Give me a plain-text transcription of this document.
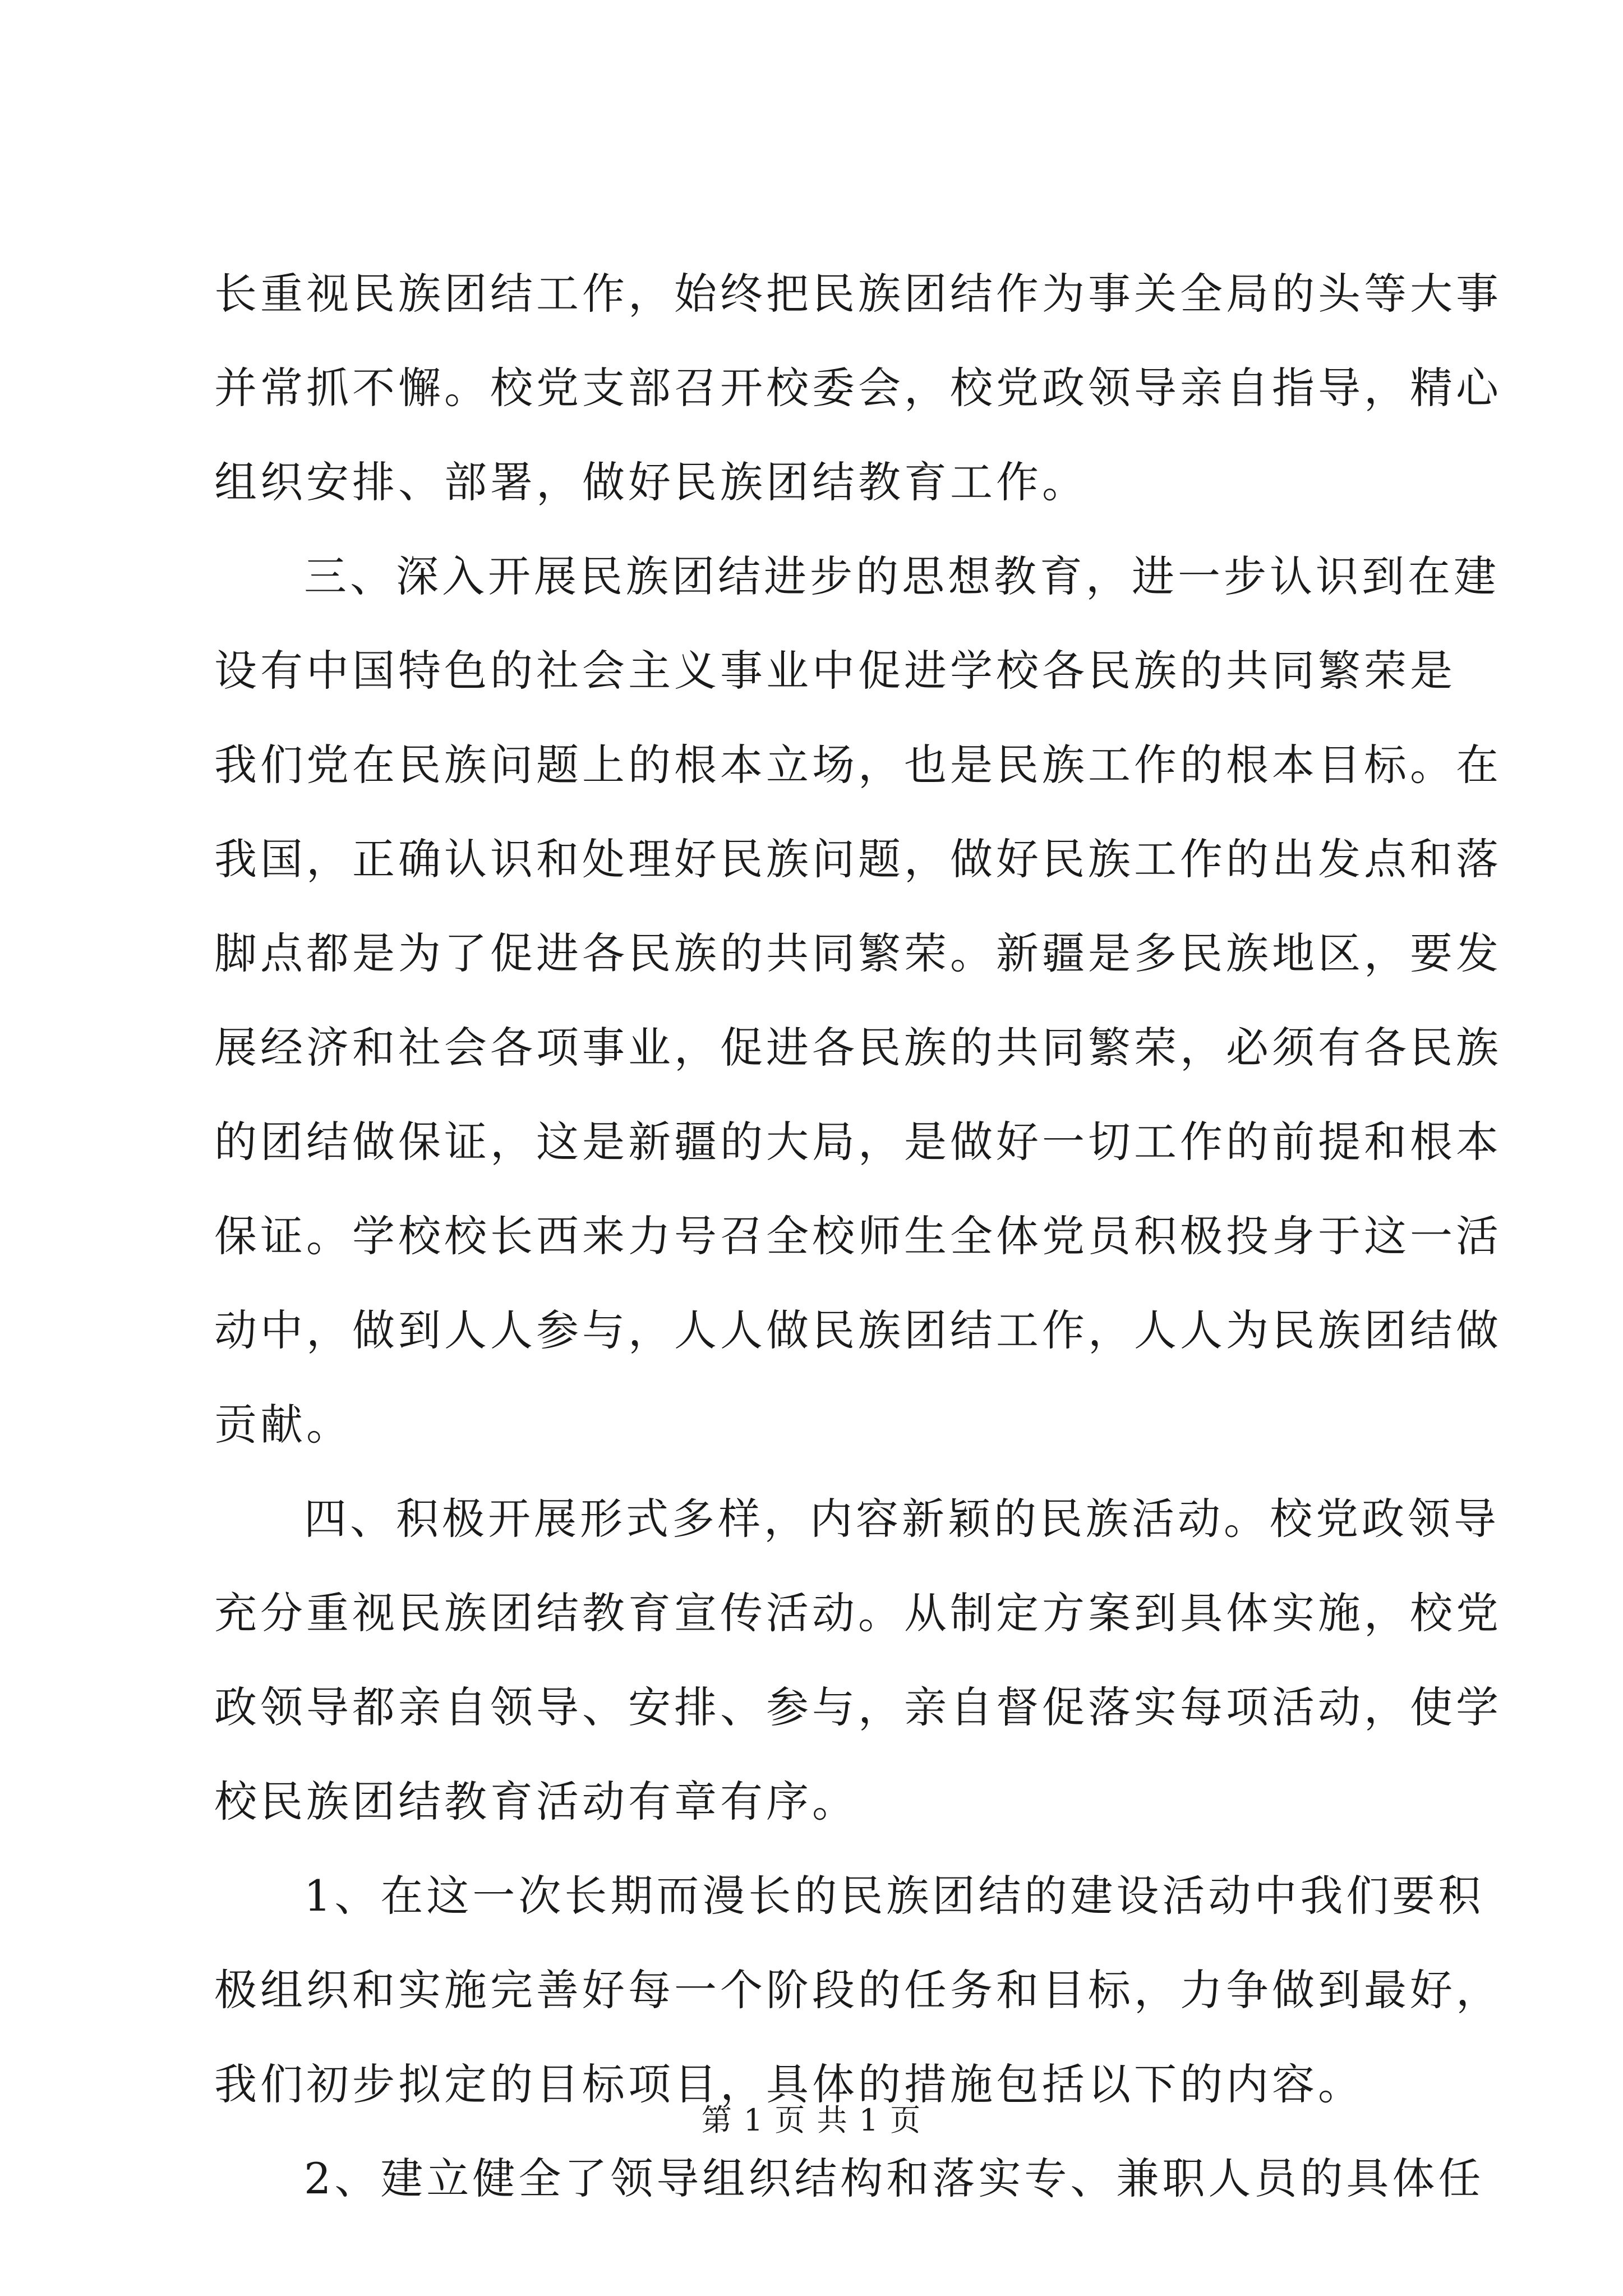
长重视民族团结工作，始终把民族团结作为事关全局的头等大事
并常抓不懈。校党支部召开校委会，校党政领导亲自指导，精心
组织安排、部署，做好民族团结教育工作。
三、深入开展民族团结进步的思想教育，进一步认识到在建
设有中国特色的社会主义事业中促进学校各民族的共同繁荣是
我们党在民族问题上的根本立场，也是民族工作的根本目标。在
我国，正确认识和处理好民族问题，做好民族工作的出发点和落
脚点都是为了促进各民族的共同繁荣。新疆是多民族地区，要发
展经济和社会各项事业，促进各民族的共同繁荣，必须有各民族
的团结做保证，这是新疆的大局，是做好一切工作的前提和根本
保证。学校校长西来力号召全校师生全体党员积极投身于这一活
动中，做到人人参与，人人做民族团结工作，人人为民族团结做
贡献。
四、积极开展形式多样，内容新颖的民族活动。校党政领导
充分重视民族团结教育宣传活动。从制定方案到具体实施，校党
政领导都亲自领导、安排、参与，亲自督促落实每项活动，使学
校民族团结教育活动有章有序。
1、在这一次长期而漫长的民族团结的建设活动中我们要积
极组织和实施完善好每一个阶段的任务和目标，力争做到最好，
我们初步拟定的目标项目，具体的措施包括以下的内容。
2、建立健全了领导组织结构和落实专、兼职人员的具体任
第 1 页 共 1 页
